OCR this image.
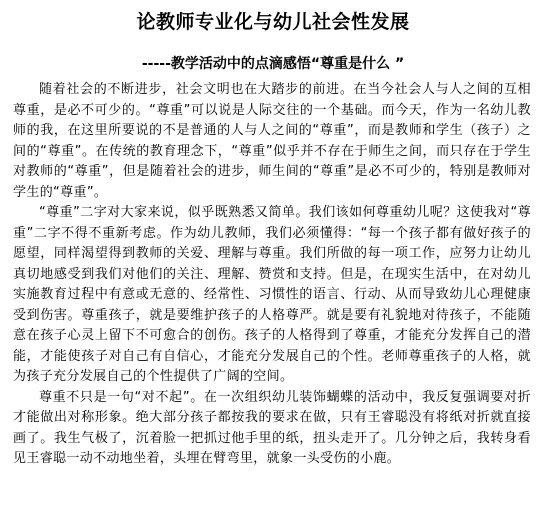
论教师专业化与幼儿社会性发展
-----教学活动中的点滴感悟“尊重是什么 ”

随着社会的不断进步，社会文明也在大踏步的前进。在当今社会人与人之间的互相尊重，是必不可少的。“尊重”可以说是人际交往的一个基础。而今天，作为一名幼儿教师的我，在这里所要说的不是普通的人与人之间的“尊重”，而是教师和学生（孩子）之间的“尊重”。在传统的教育理念下，“尊重”似乎并不存在于师生之间，而只存在于学生对教师的“尊重”，但是随着社会的进步，师生间的“尊重”是必不可少的，特别是教师对学生的“尊重”。

“尊重”二字对大家来说，似乎既熟悉又简单。我们该如何尊重幼儿呢？这使我对“尊重”二字不得不重新考虑。作为幼儿教师，我们必须懂得：“每一个孩子都有做好孩子的愿望，同样渴望得到教师的关爱、理解与尊重。我们所做的每一项工作，应努力让幼儿真切地感受到我们对他们的关注、理解、赞赏和支持。但是，在现实生活中，在对幼儿实施教育过程中有意或无意的、经常性、习惯性的语言、行动、从而导致幼儿心理健康受到伤害。尊重孩子，就是要维护孩子的人格尊严。就是要有礼貌地对待孩子，不能随意在孩子心灵上留下不可愈合的创伤。孩子的人格得到了尊重，才能充分发挥自己的潜能，才能使孩子对自己有自信心，才能充分发展自己的个性。老师尊重孩子的人格，就为孩子充分发展自己的个性提供了广阔的空间。

尊重不只是一句“对不起”。在一次组织幼儿装饰蝴蝶的活动中，我反复强调要对折才能做出对称形象。绝大部分孩子都按我的要求在做，只有王睿聪没有将纸对折就直接画了。我生气极了，沉着脸一把抓过他手里的纸，扭头走开了。几分钟之后，我转身看见王睿聪一动不动地坐着，头埋在臂弯里，就象一头受伤的小鹿。
